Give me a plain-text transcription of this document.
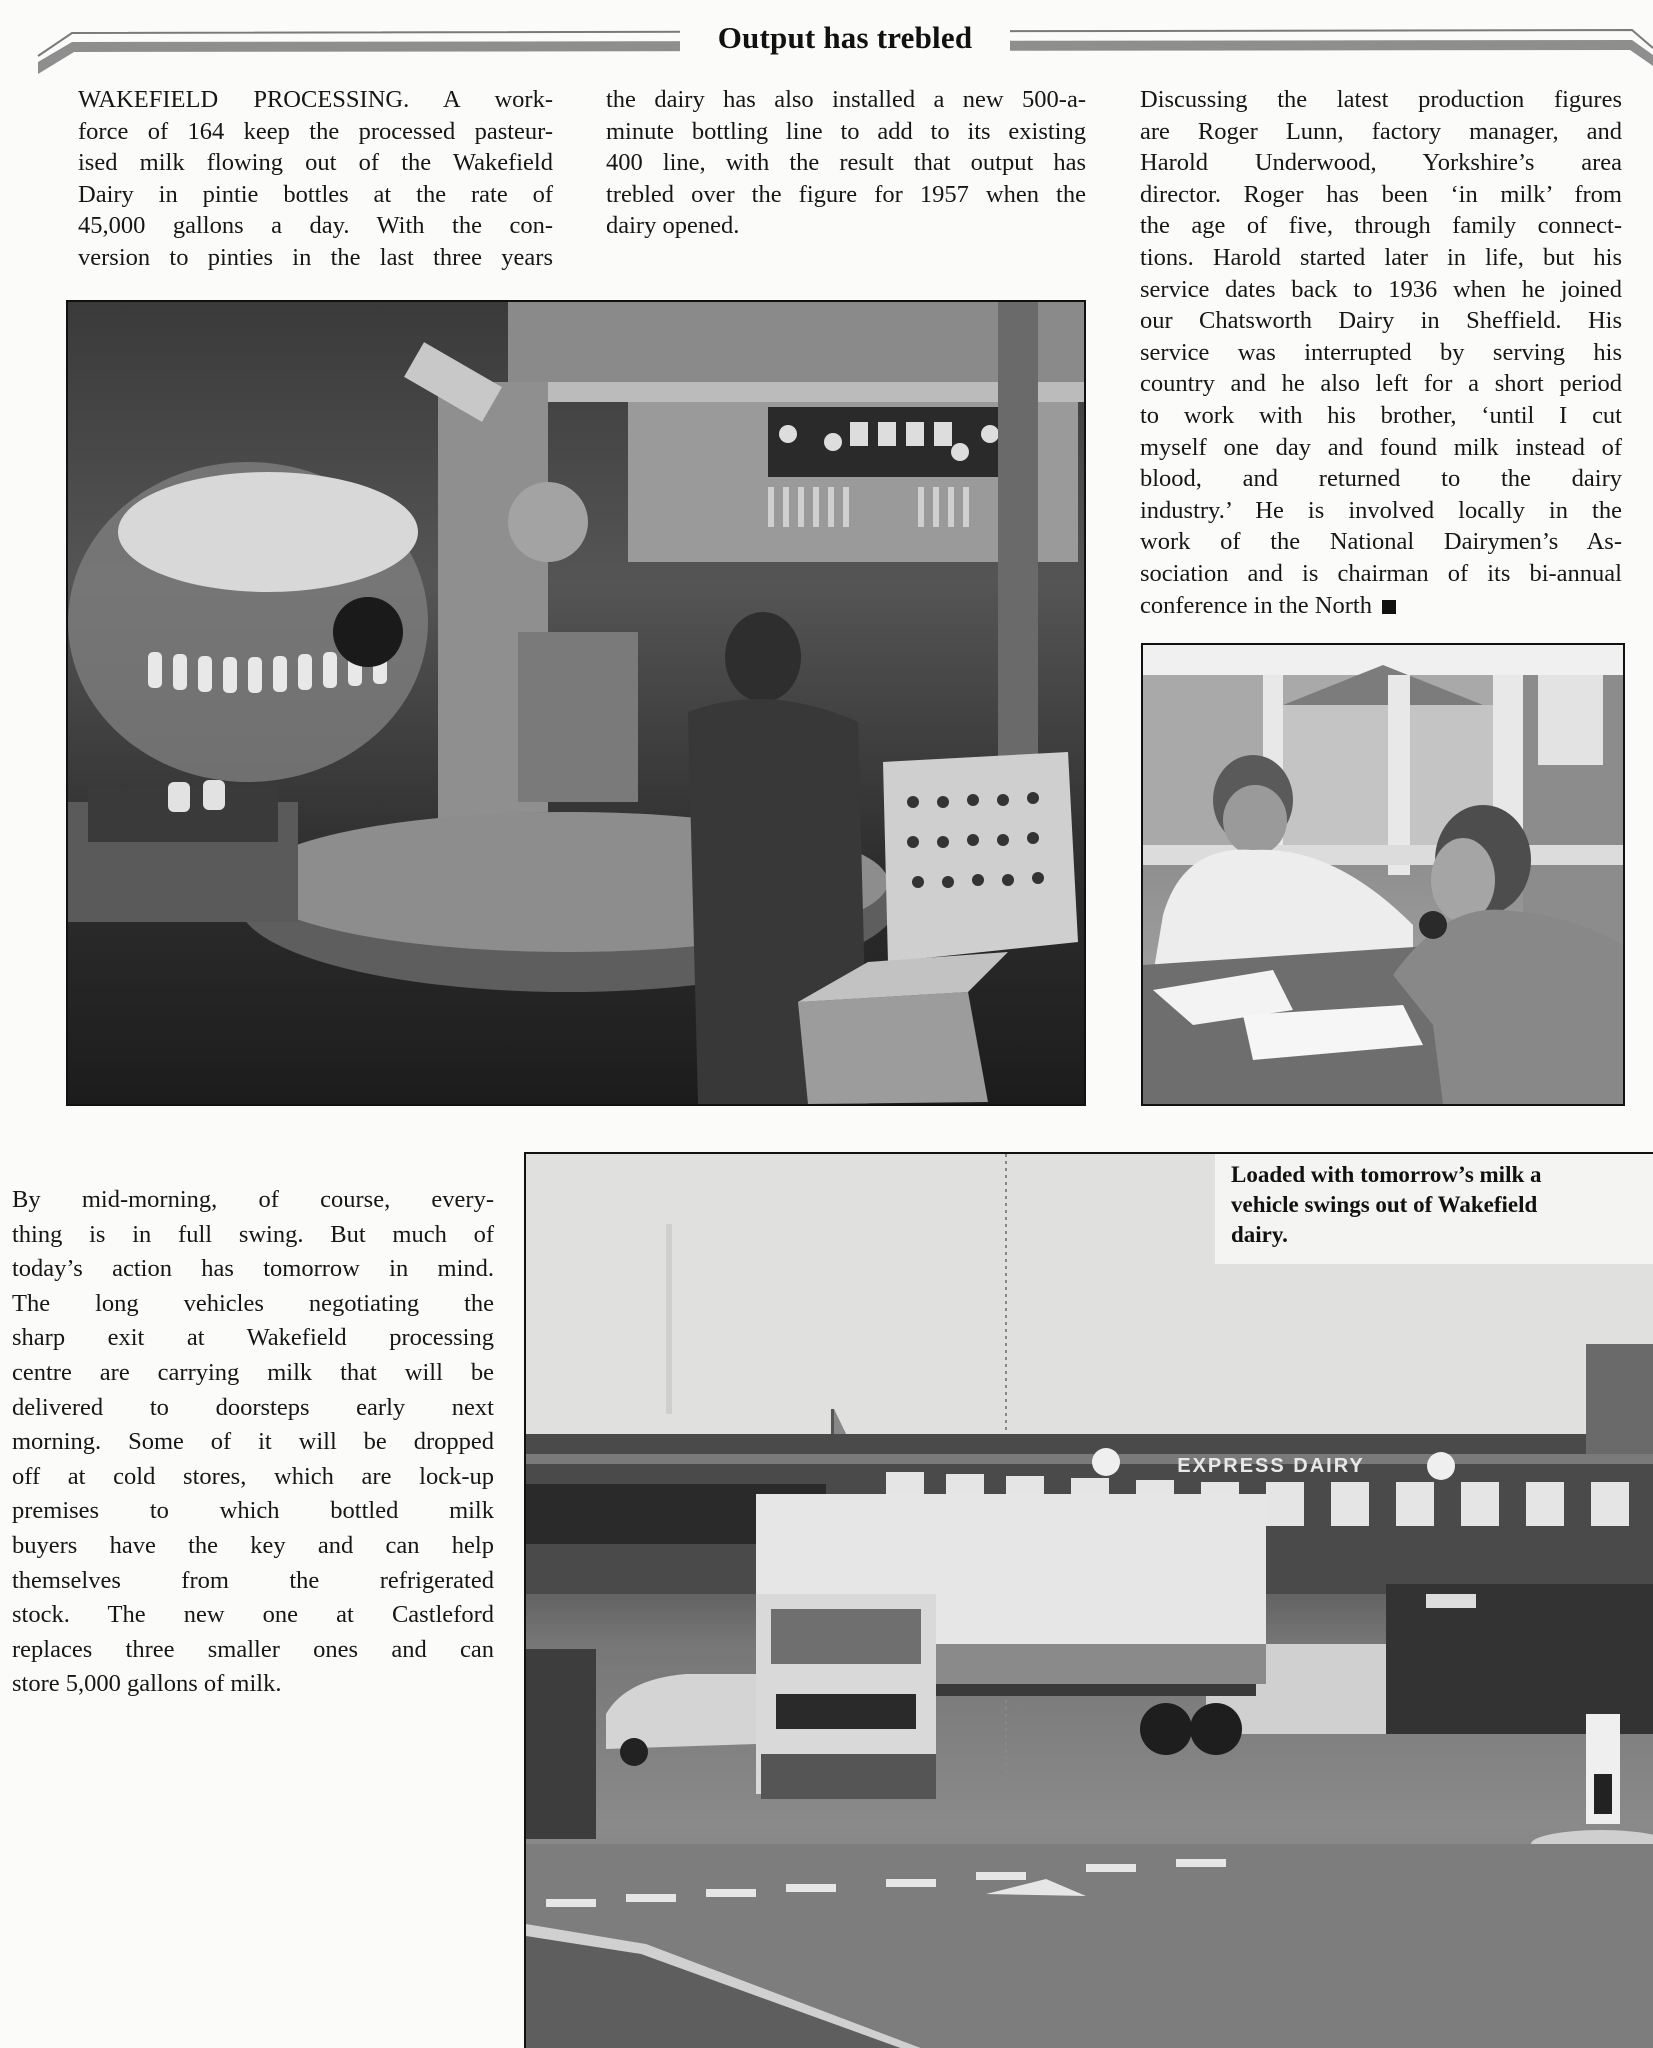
Output has trebled
WAKEFIELD PROCESSING. A work-
force of 164 keep the processed pasteur-
ised milk flowing out of the Wakefield
Dairy in pintie bottles at the rate of
45,000 gallons a day. With the con-
version to pinties in the last three years
the dairy has also installed a new 500-a-
minute bottling line to add to its existing
400 line, with the result that output has
trebled over the figure for 1957 when the
dairy opened.
Discussing the latest production figures
are Roger Lunn, factory manager, and
Harold Underwood, Yorkshire’s area
director. Roger has been ‘in milk’ from
the age of five, through family connect-
tions. Harold started later in life, but his
service dates back to 1936 when he joined
our Chatsworth Dairy in Sheffield. His
service was interrupted by serving his
country and he also left for a short period
to work with his brother, ‘until I cut
myself one day and found milk instead of
blood, and returned to the dairy
industry.’ He is involved locally in the
work of the National Dairymen’s As-
sociation and is chairman of its bi-annual
conference in the North
By mid-morning, of course, every-
thing is in full swing. But much of
today’s action has tomorrow in mind.
The long vehicles negotiating the
sharp exit at Wakefield processing
centre are carrying milk that will be
delivered to doorsteps early next
morning. Some of it will be dropped
off at cold stores, which are lock-up
premises to which bottled milk
buyers have the key and can help
themselves from the refrigerated
stock. The new one at Castleford
replaces three smaller ones and can
store 5,000 gallons of milk.
EXPRESS DAIRY
Loaded with tomorrow’s milk a
vehicle swings out of Wakefield
dairy.
